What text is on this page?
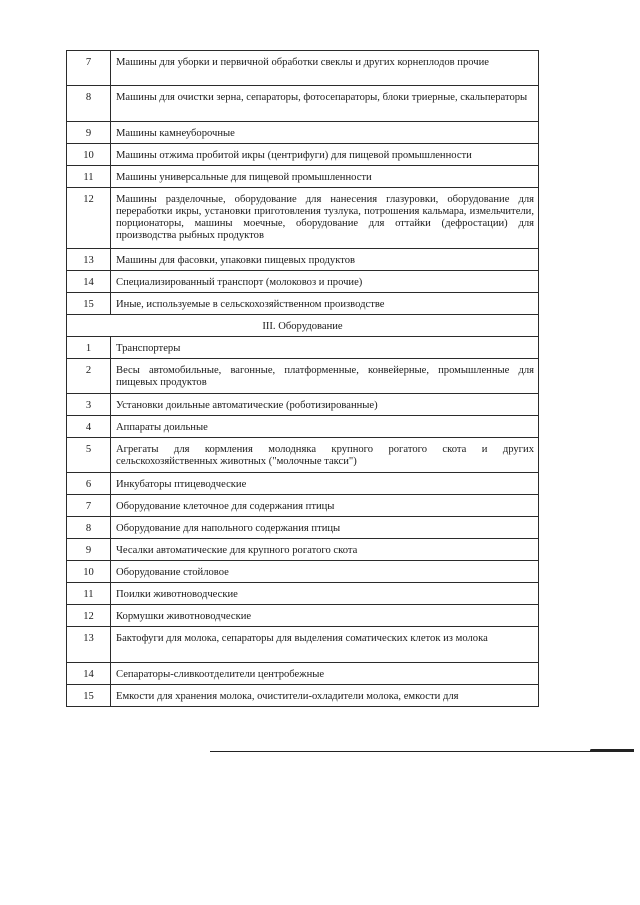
7	Машины для уборки и первичной обработки свеклы и других корнеплодов прочие

8	Машины для очистки зерна, сепараторы, фотосепараторы, блоки триерные, скальператоры

9	Машины камнеуборочные

10	Машины отжима пробитой икры (центрифуги) для пищевой промышленности

11	Машины универсальные для пищевой промышленности

12	Машины разделочные, оборудование для нанесения глазуровки, оборудование для переработки икры, установки приготовления тузлука, потрошения кальмара, измельчители, порционаторы, машины моечные, оборудование для оттайки (дефростации) для производства рыбных продуктов

13	Машины для фасовки, упаковки пищевых продуктов

14	Специализированный транспорт (молоковоз и прочие)

15	Иные, используемые в сельскохозяйственном производстве

III. Оборудование	

1	Транспортеры

2	Весы автомобильные, вагонные, платформенные, конвейерные, промышленные для пищевых продуктов

3	Установки доильные автоматические (роботизированные)

4	Аппараты доильные

5	Агрегаты для кормления молодняка крупного рогатого скота и других сельскохозяйственных животных ("молочные такси")

6	Инкубаторы птицеводческие

7	Оборудование клеточное для содержания птицы

8	Оборудование для напольного содержания птицы

9	Чесалки автоматические для крупного рогатого скота

10	Оборудование стойловое

11	Поилки животноводческие

12	Кормушки животноводческие

13	Бактофуги для молока, сепараторы для выделения соматических клеток из молока

14	Сепараторы-сливкоотделители центробежные

15	Емкости для хранения молока, очистители-охладители молока, емкости для
